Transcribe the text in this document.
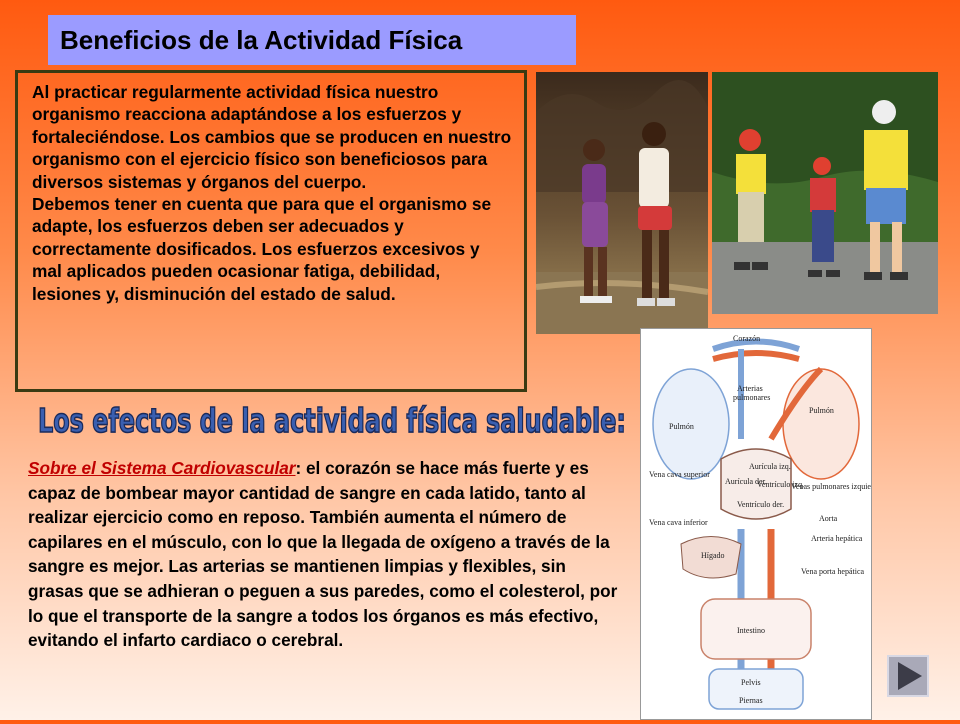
Beneficios de la Actividad Física

Al practicar regularmente actividad física nuestro organismo reacciona adaptándose a los esfuerzos y fortaleciéndose. Los cambios que se producen en nuestro organismo con el ejercicio físico son beneficiosos para diversos sistemas y órganos del cuerpo.

Debemos tener en cuenta que para que el organismo se adapte, los esfuerzos deben ser adecuados y correctamente dosificados. Los esfuerzos excesivos y mal aplicados pueden ocasionar fatiga, debilidad, lesiones y, disminución del estado de salud.

Los efectos de la actividad física saludable:
Sobre el Sistema Cardiovascular: el corazón se hace más fuerte y es capaz de bombear mayor cantidad de sangre en cada latido, tanto al realizar ejercicio como en reposo. También aumenta el número de capilares en el músculo, con lo que la llegada de oxígeno a través de la sangre es mejor. Las arterias se mantienen limpias y flexibles, sin grasas que se adhieran o peguen a sus paredes, como el colesterol, por lo que el transporte de la sangre a todos los órganos es más efectivo, evitando el infarto cardiaco o cerebral.
Corazón
Arterias
pulmonares
Pulmón
Pulmón
Aurícula izq.
Aurícula der.
Ventrículo izq.
Ventrículo der.
Vena cava superior
Vena cava inferior
Venas pulmonares izquie
Aorta
Arteria hepática
Hígado
Vena porta hepática
Intestino
Pelvis
Piernas
